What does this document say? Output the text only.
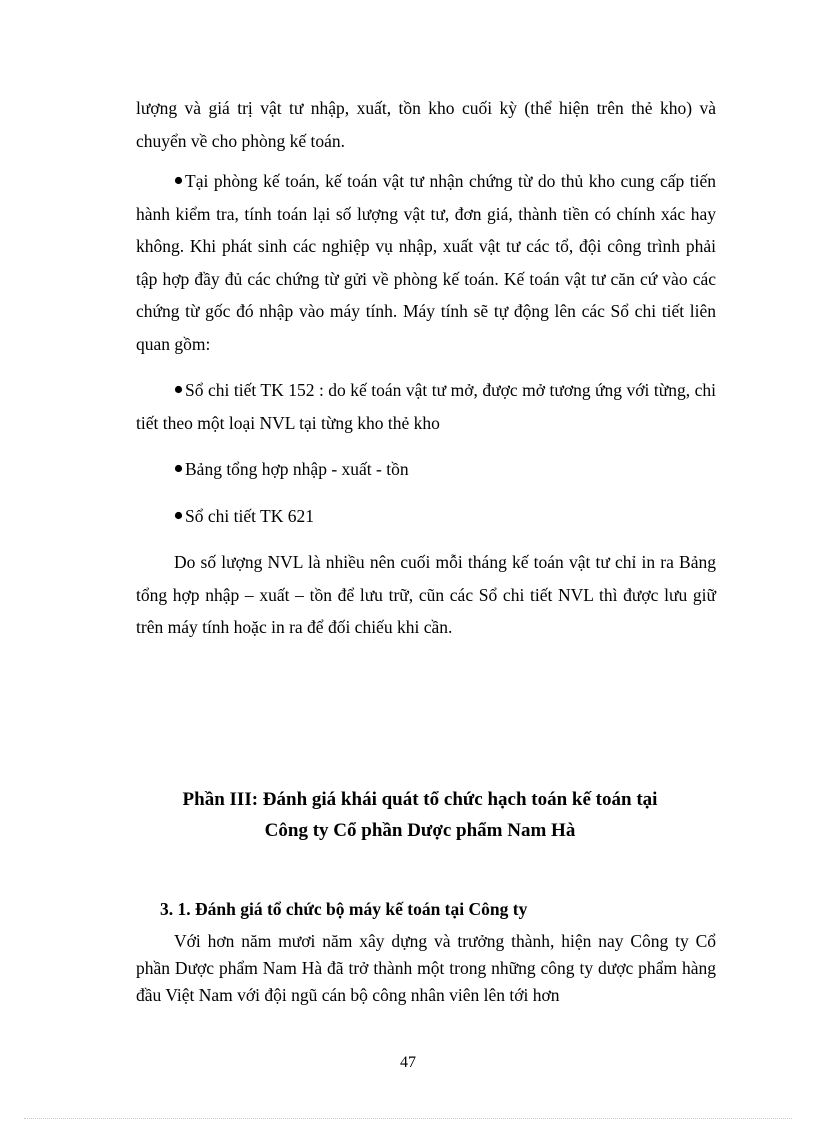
lượng và giá trị vật tư nhập, xuất, tồn kho cuối kỳ (thể hiện trên thẻ kho) và chuyển về cho phòng kế toán.

Tại phòng kế toán, kế toán vật tư nhận chứng từ do thủ kho cung cấp tiến hành kiểm tra, tính toán lại số lượng vật tư, đơn giá, thành tiền có chính xác hay không. Khi phát sinh các nghiệp vụ nhập, xuất vật tư các tổ, đội công trình phải tập hợp đầy đủ các chứng từ gửi về phòng kế toán. Kế toán vật tư căn cứ vào các chứng từ gốc đó nhập vào máy tính. Máy tính sẽ tự động lên các Sổ chi tiết liên quan gồm:

Sổ chi tiết TK 152 : do kế toán vật tư mở, được mở tương ứng với từng, chi tiết theo một loại NVL tại từng kho thẻ kho

Bảng tổng hợp nhập - xuất - tồn

Sổ chi tiết TK 621

Do số lượng NVL là nhiều nên cuối mỗi tháng kế toán vật tư chỉ in ra Bảng tổng hợp nhập – xuất – tồn để lưu trữ, cũn các Sổ chi tiết NVL thì được lưu giữ trên máy tính hoặc in ra để đối chiếu khi cần.

Phần III: Đánh giá khái quát tổ chức hạch toán kế toán tại
Công ty Cổ phần Dược phẩm Nam Hà
3. 1. Đánh giá tổ chức bộ máy kế toán tại Công ty

Với hơn năm mươi năm xây dựng và trưởng thành, hiện nay Công ty Cổ phần Dược phẩm Nam Hà đã trở thành một trong những công ty dược phẩm hàng đầu Việt Nam với đội ngũ cán bộ công nhân viên lên tới hơn

47
